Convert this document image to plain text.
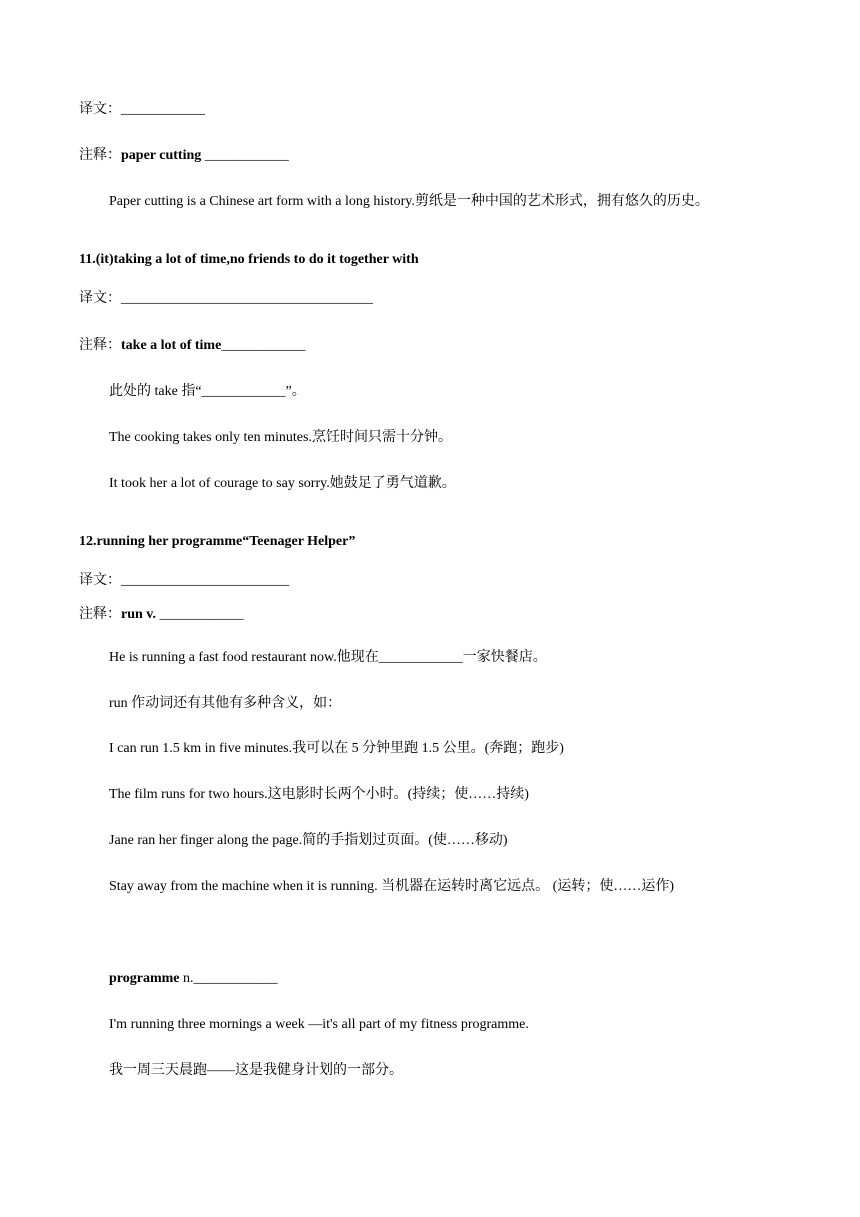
译文：____________
注释：paper cutting ____________
Paper cutting is a Chinese art form with a long history.剪纸是一种中国的艺术形式，拥有悠久的历史。
11.(it)taking a lot of time,no friends to do it together with
译文：____________________________________
注释：take a lot of time____________
此处的 take 指“____________”。
The cooking takes only ten minutes.烹饪时间只需十分钟。
It took her a lot of courage to say sorry.她鼓足了勇气道歉。
12.running her programme“Teenager Helper”
译文：________________________
注释：run v. ____________
He is running a fast food restaurant now.他现在____________一家快餐店。
run 作动词还有其他有多种含义，如：
I can run 1.5 km in five minutes.我可以在 5 分钟里跑 1.5 公里。(奔跑；跑步)
The film runs for two hours.这电影时长两个小时。(持续；使……持续)
Jane ran her finger along the page.简的手指划过页面。(使……移动)
Stay away from the machine when it is running. 当机器在运转时离它远点。 (运转；使……运作)
programme n.____________
I'm running three mornings a week —it's all part of my fitness programme.
我一周三天晨跑——这是我健身计划的一部分。
